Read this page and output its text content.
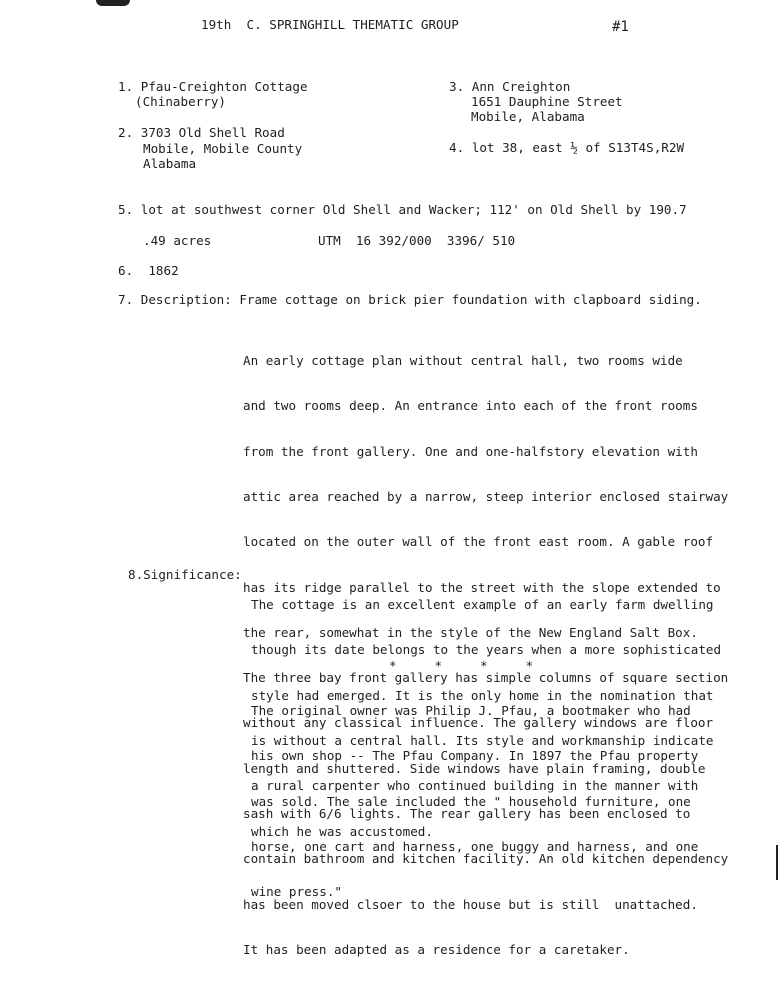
19th  C. SPRINGHILL THEMATIC GROUP	#1
1. Pfau-Creighton Cottage
(Chinaberry)
2. 3703 Old Shell Road
Mobile, Mobile County
Alabama
3. Ann Creighton
1651 Dauphine Street
Mobile, Alabama
4. lot 38, east ½ of S13T4S,R2W
5. lot at southwest corner Old Shell and Wacker; 112' on Old Shell by 190.7
.49 acres	UTM  16 392/000  3396/ 510
6.  1862
7. Description: Frame cottage on brick pier foundation with clapboard siding.

An early cottage plan without central hall, two rooms wide

and two rooms deep. An entrance into each of the front rooms

from the front gallery. One and one-halfstory elevation with

attic area reached by a narrow, steep interior enclosed stairway

located on the outer wall of the front east room. A gable roof

has its ridge parallel to the street with the slope extended to

the rear, somewhat in the style of the New England Salt Box.

The three bay front gallery has simple columns of square section

without any classical influence. The gallery windows are floor

length and shuttered. Side windows have plain framing, double

sash with 6/6 lights. The rear gallery has been enclosed to

contain bathroom and kitchen facility. An old kitchen dependency

has been moved clsoer to the house but is still  unattached.

It has been adapted as a residence for a caretaker.

8.Significance:

The cottage is an excellent example of an early farm dwelling

though its date belongs to the years when a more sophisticated

style had emerged. It is the only home in the nomination that

is without a central hall. Its style and workmanship indicate

a rural carpenter who continued building in the manner with

which he was accustomed.

*     *     *     *

The original owner was Philip J. Pfau, a bootmaker who had

his own shop -- The Pfau Company. In 1897 the Pfau property

was sold. The sale included the " household furniture, one

horse, one cart and harness, one buggy and harness, and one

wine press."
